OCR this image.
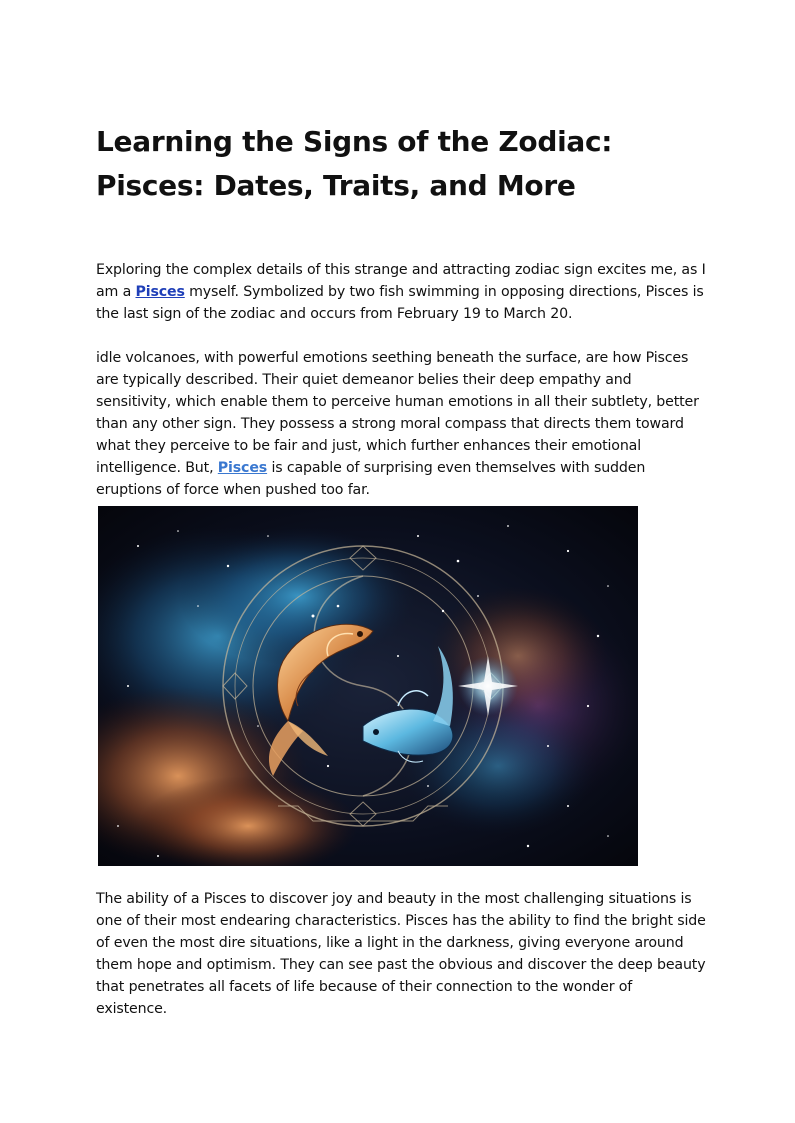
Learning the Signs of the Zodiac:
Pisces: Dates, Traits, and More

Exploring the complex details of this strange and attracting zodiac sign excites me, as I am a Pisces myself. Symbolized by two fish swimming in opposing directions, Pisces is the last sign of the zodiac and occurs from February 19 to March 20.

idle volcanoes, with powerful emotions seething beneath the surface, are how Pisces are typically described. Their quiet demeanor belies their deep empathy and sensitivity, which enable them to perceive human emotions in all their subtlety, better than any other sign. They possess a strong moral compass that directs them toward what they perceive to be fair and just, which further enhances their emotional intelligence. But, Pisces is capable of surprising even themselves with sudden eruptions of force when pushed too far.

The ability of a Pisces to discover joy and beauty in the most challenging situations is one of their most endearing characteristics. Pisces has the ability to find the bright side of even the most dire situations, like a light in the darkness, giving everyone around them hope and optimism. They can see past the obvious and discover the deep beauty that penetrates all facets of life because of their connection to the wonder of existence.
